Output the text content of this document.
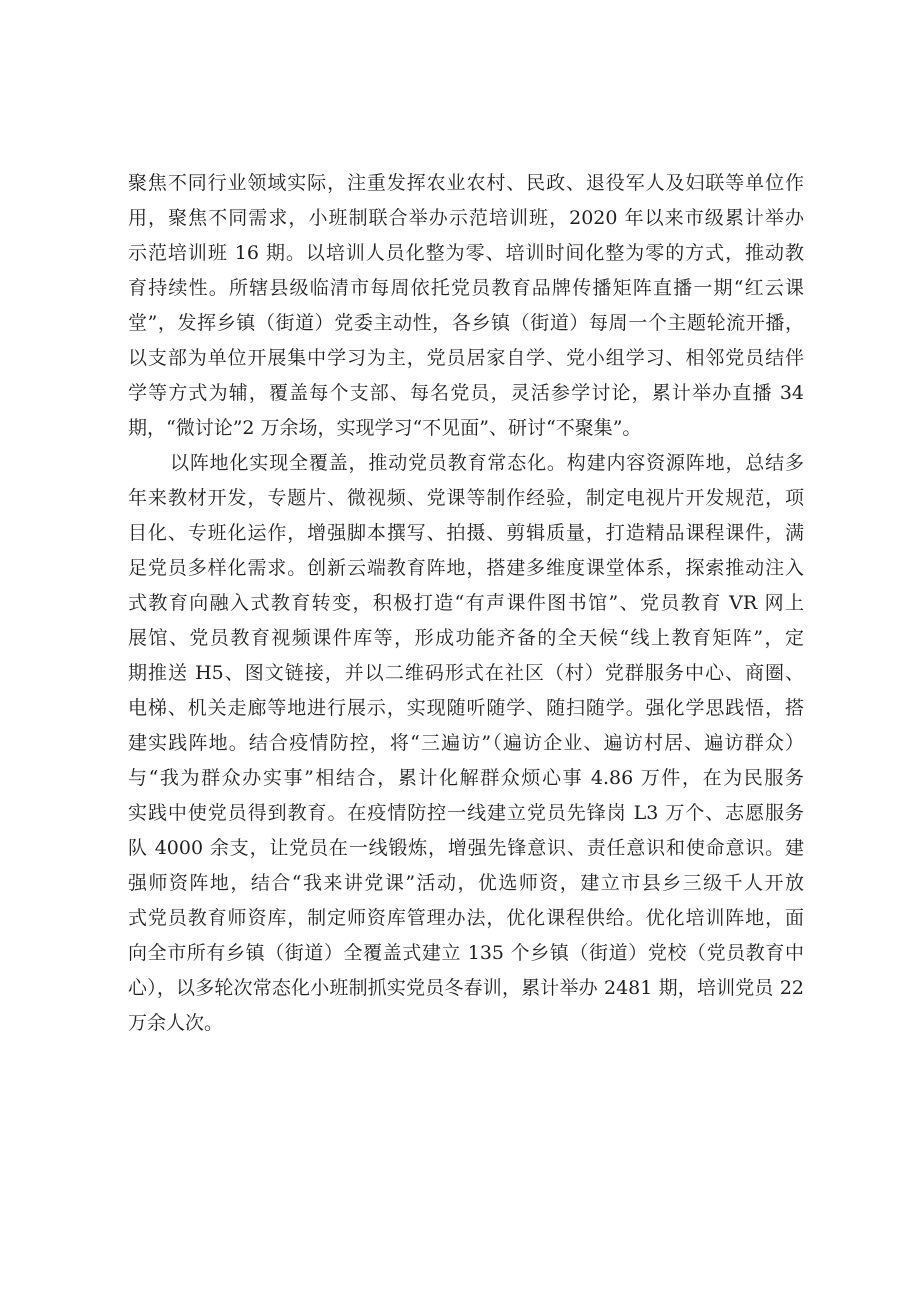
聚焦不同行业领域实际，注重发挥农业农村、民政、退役军人及妇联等单位作
用，聚焦不同需求，小班制联合举办示范培训班，2020 年以来市级累计举办
示范培训班 16 期。以培训人员化整为零、培训时间化整为零的方式，推动教
育持续性。所辖县级临清市每周依托党员教育品牌传播矩阵直播一期“红云课
堂”，发挥乡镇（街道）党委主动性，各乡镇（街道）每周一个主题轮流开播，
以支部为单位开展集中学习为主，党员居家自学、党小组学习、相邻党员结伴
学等方式为辅，覆盖每个支部、每名党员，灵活参学讨论，累计举办直播 34
期，“微讨论”2 万余场，实现学习“不见面”、研讨“不聚集”。
以阵地化实现全覆盖，推动党员教育常态化。构建内容资源阵地，总结多
年来教材开发，专题片、微视频、党课等制作经验，制定电视片开发规范，项
目化、专班化运作，增强脚本撰写、拍摄、剪辑质量，打造精品课程课件，满
足党员多样化需求。创新云端教育阵地，搭建多维度课堂体系，探索推动注入
式教育向融入式教育转变，积极打造“有声课件图书馆”、党员教育 VR 网上
展馆、党员教育视频课件库等，形成功能齐备的全天候“线上教育矩阵”，定
期推送 H5、图文链接，并以二维码形式在社区（村）党群服务中心、商圈、
电梯、机关走廊等地进行展示，实现随听随学、随扫随学。强化学思践悟，搭
建实践阵地。结合疫情防控，将“三遍访”（遍访企业、遍访村居、遍访群众）
与“我为群众办实事”相结合，累计化解群众烦心事 4.86 万件，在为民服务
实践中使党员得到教育。在疫情防控一线建立党员先锋岗 L3 万个、志愿服务
队 4000 余支，让党员在一线锻炼，增强先锋意识、责任意识和使命意识。建
强师资阵地，结合“我来讲党课”活动，优选师资，建立市县乡三级千人开放
式党员教育师资库，制定师资库管理办法，优化课程供给。优化培训阵地，面
向全市所有乡镇（街道）全覆盖式建立 135 个乡镇（街道）党校（党员教育中
心），以多轮次常态化小班制抓实党员冬春训，累计举办 2481 期，培训党员 22
万余人次。
